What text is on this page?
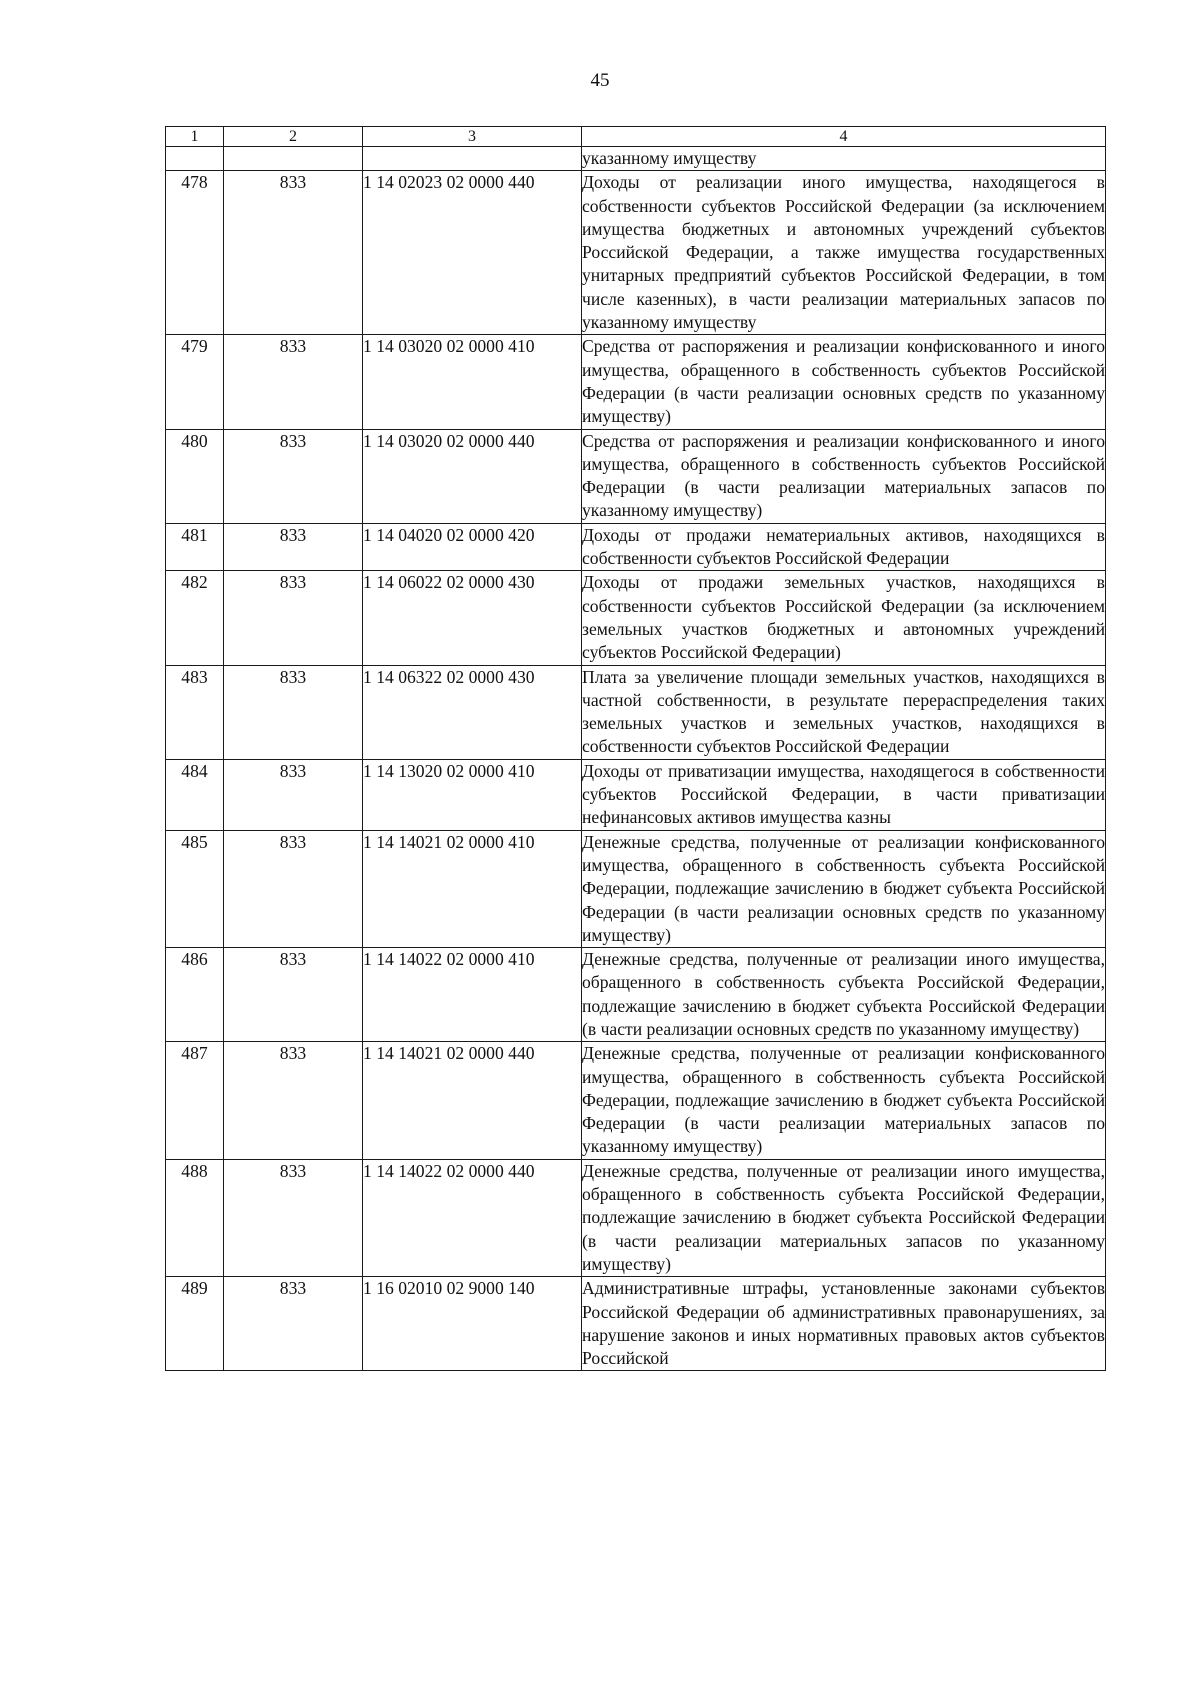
45
1	2	3	4
			указанному имуществу
478	833	1 14 02023 02 0000 440	Доходы от реализации иного имущества, находящегося в собственности субъектов Российской Федерации (за исключением имущества бюджетных и автономных учреждений субъектов Российской Федерации, а также имущества государственных унитарных предприятий субъектов Российской Федерации, в том числе казенных), в части реализации материальных запасов по указанному имуществу
479	833	1 14 03020 02 0000 410	Средства от распоряжения и реализации конфискованного и иного имущества, обращенного в собственность субъектов Российской Федерации (в части реализации основных средств по указанному имуществу)
480	833	1 14 03020 02 0000 440	Средства от распоряжения и реализации конфискованного и иного имущества, обращенного в собственность субъектов Российской Федерации (в части реализации материальных запасов по указанному имуществу)
481	833	1 14 04020 02 0000 420	Доходы от продажи нематериальных активов, находящихся в собственности субъектов Российской Федерации
482	833	1 14 06022 02 0000 430	Доходы от продажи земельных участков, находящихся в собственности субъектов Российской Федерации (за исключением земельных участков бюджетных и автономных учреждений субъектов Российской Федерации)
483	833	1 14 06322 02 0000 430	Плата за увеличение площади земельных участков, находящихся в частной собственности, в результате перераспределения таких земельных участков и земельных участков, находящихся в собственности субъектов Российской Федерации
484	833	1 14 13020 02 0000 410	Доходы от приватизации имущества, находящегося в собственности субъектов Российской Федерации, в части приватизации нефинансовых активов имущества казны
485	833	1 14 14021 02 0000 410	Денежные средства, полученные от реализации конфискованного имущества, обращенного в собственность субъекта Российской Федерации, подлежащие зачислению в бюджет субъекта Российской Федерации (в части реализации основных средств по указанному имуществу)
486	833	1 14 14022 02 0000 410	Денежные средства, полученные от реализации иного имущества, обращенного в собственность субъекта Российской Федерации, подлежащие зачислению в бюджет субъекта Российской Федерации (в части реализации основных средств по указанному имуществу)
487	833	1 14 14021 02 0000 440	Денежные средства, полученные от реализации конфискованного имущества, обращенного в собственность субъекта Российской Федерации, подлежащие зачислению в бюджет субъекта Российской Федерации (в части реализации материальных запасов по указанному имуществу)
488	833	1 14 14022 02 0000 440	Денежные средства, полученные от реализации иного имущества, обращенного в собственность субъекта Российской Федерации, подлежащие зачислению в бюджет субъекта Российской Федерации (в части реализации материальных запасов по указанному имуществу)
489	833	1 16 02010 02 9000 140	Административные штрафы, установленные законами субъектов Российской Федерации об административных правонарушениях, за нарушение законов и иных нормативных правовых актов субъектов Российской
